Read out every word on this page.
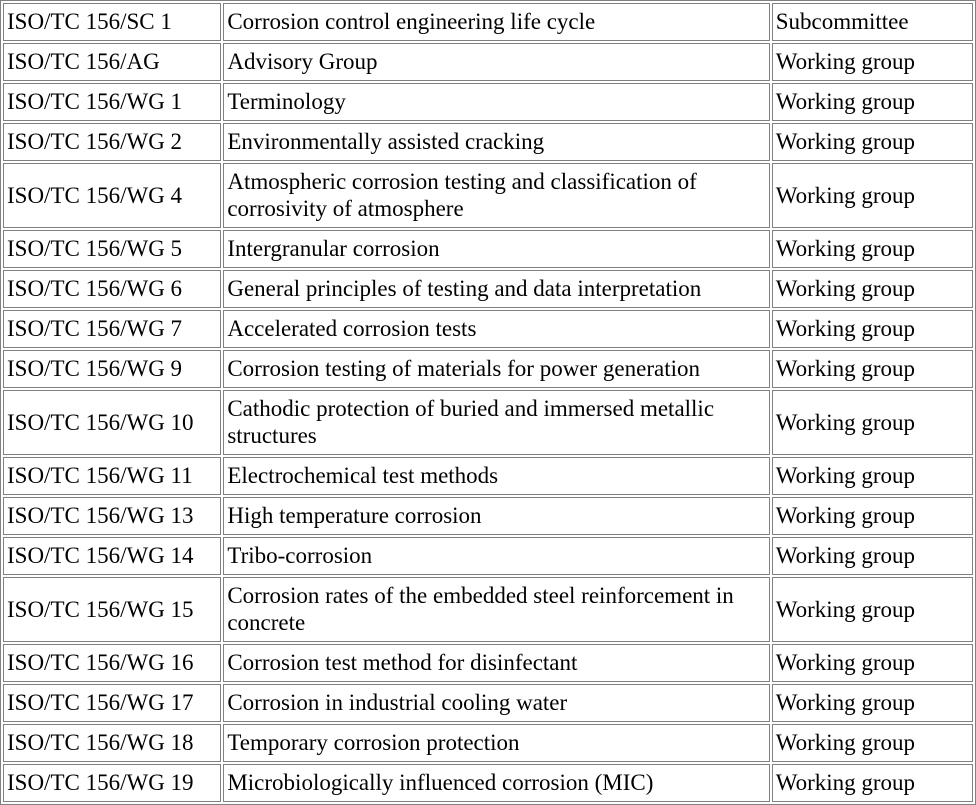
ISO/TC 156/SC 1	Corrosion control engineering life cycle	Subcommittee
ISO/TC 156/AG	Advisory Group	Working group
ISO/TC 156/WG 1	Terminology	Working group
ISO/TC 156/WG 2	Environmentally assisted cracking	Working group
ISO/TC 156/WG 4	Atmospheric corrosion testing and classification of corrosivity of atmosphere	Working group
ISO/TC 156/WG 5	Intergranular corrosion	Working group
ISO/TC 156/WG 6	General principles of testing and data interpretation	Working group
ISO/TC 156/WG 7	Accelerated corrosion tests	Working group
ISO/TC 156/WG 9	Corrosion testing of materials for power generation	Working group
ISO/TC 156/WG 10	Cathodic protection of buried and immersed metallic structures	Working group
ISO/TC 156/WG 11	Electrochemical test methods	Working group
ISO/TC 156/WG 13	High temperature corrosion	Working group
ISO/TC 156/WG 14	Tribo-corrosion	Working group
ISO/TC 156/WG 15	Corrosion rates of the embedded steel reinforcement in concrete	Working group
ISO/TC 156/WG 16	Corrosion test method for disinfectant	Working group
ISO/TC 156/WG 17	Corrosion in industrial cooling water	Working group
ISO/TC 156/WG 18	Temporary corrosion protection	Working group
ISO/TC 156/WG 19	Microbiologically influenced corrosion (MIC)	Working group
